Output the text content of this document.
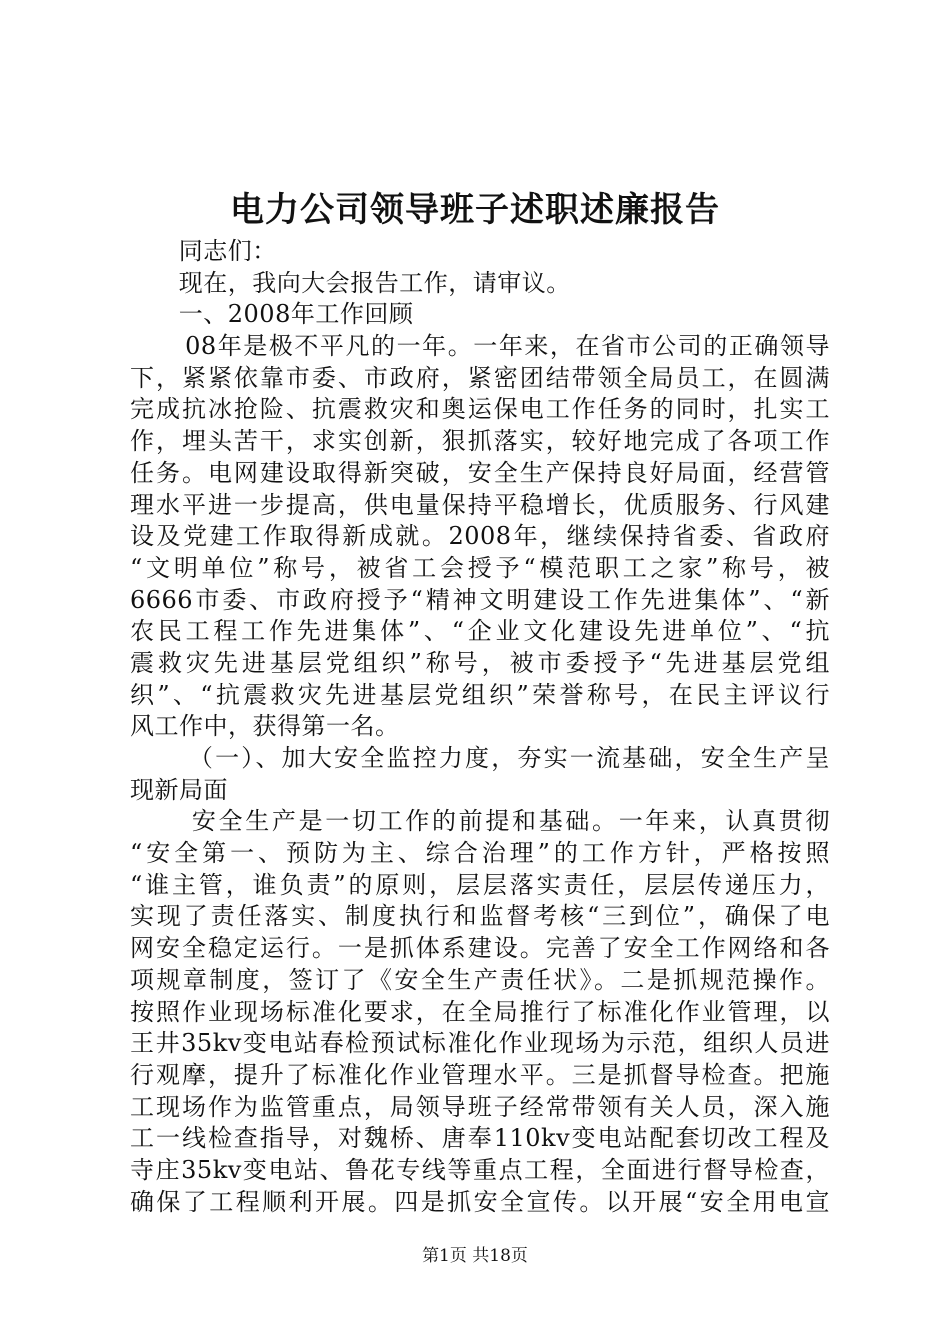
电力公司领导班子述职述廉报告
同志们：
现在，我向大会报告工作，请审议。
一、2008年工作回顾
08年是极不平凡的一年。一年来，在省市公司的正确领导
下，紧紧依靠市委、市政府，紧密团结带领全局员工，在圆满
完成抗冰抢险、抗震救灾和奥运保电工作任务的同时，扎实工
作，埋头苦干，求实创新，狠抓落实，较好地完成了各项工作
任务。电网建设取得新突破，安全生产保持良好局面，经营管
理水平进一步提高，供电量保持平稳增长，优质服务、行风建
设及党建工作取得新成就。2008年，继续保持省委、省政府
“文明单位”称号，被省工会授予“模范职工之家”称号，被
6666市委、市政府授予“精神文明建设工作先进集体”、“新
农民工程工作先进集体”、“企业文化建设先进单位”、“抗
震救灾先进基层党组织”称号，被市委授予“先进基层党组
织”、“抗震救灾先进基层党组织”荣誉称号，在民主评议行
风工作中，获得第一名。
（一）、加大安全监控力度，夯实一流基础，安全生产呈
现新局面
安全生产是一切工作的前提和基础。一年来，认真贯彻
“安全第一、预防为主、综合治理”的工作方针，严格按照
“谁主管，谁负责”的原则，层层落实责任，层层传递压力，
实现了责任落实、制度执行和监督考核“三到位”，确保了电
网安全稳定运行。一是抓体系建设。完善了安全工作网络和各
项规章制度，签订了《安全生产责任状》。二是抓规范操作。
按照作业现场标准化要求，在全局推行了标准化作业管理，以
王井35kv变电站春检预试标准化作业现场为示范，组织人员进
行观摩，提升了标准化作业管理水平。三是抓督导检查。把施
工现场作为监管重点，局领导班子经常带领有关人员，深入施
工一线检查指导，对魏桥、唐奉110kv变电站配套切改工程及
寺庄35kv变电站、鲁花专线等重点工程，全面进行督导检查，
确保了工程顺利开展。四是抓安全宣传。以开展“安全用电宣
第1页 共18页
